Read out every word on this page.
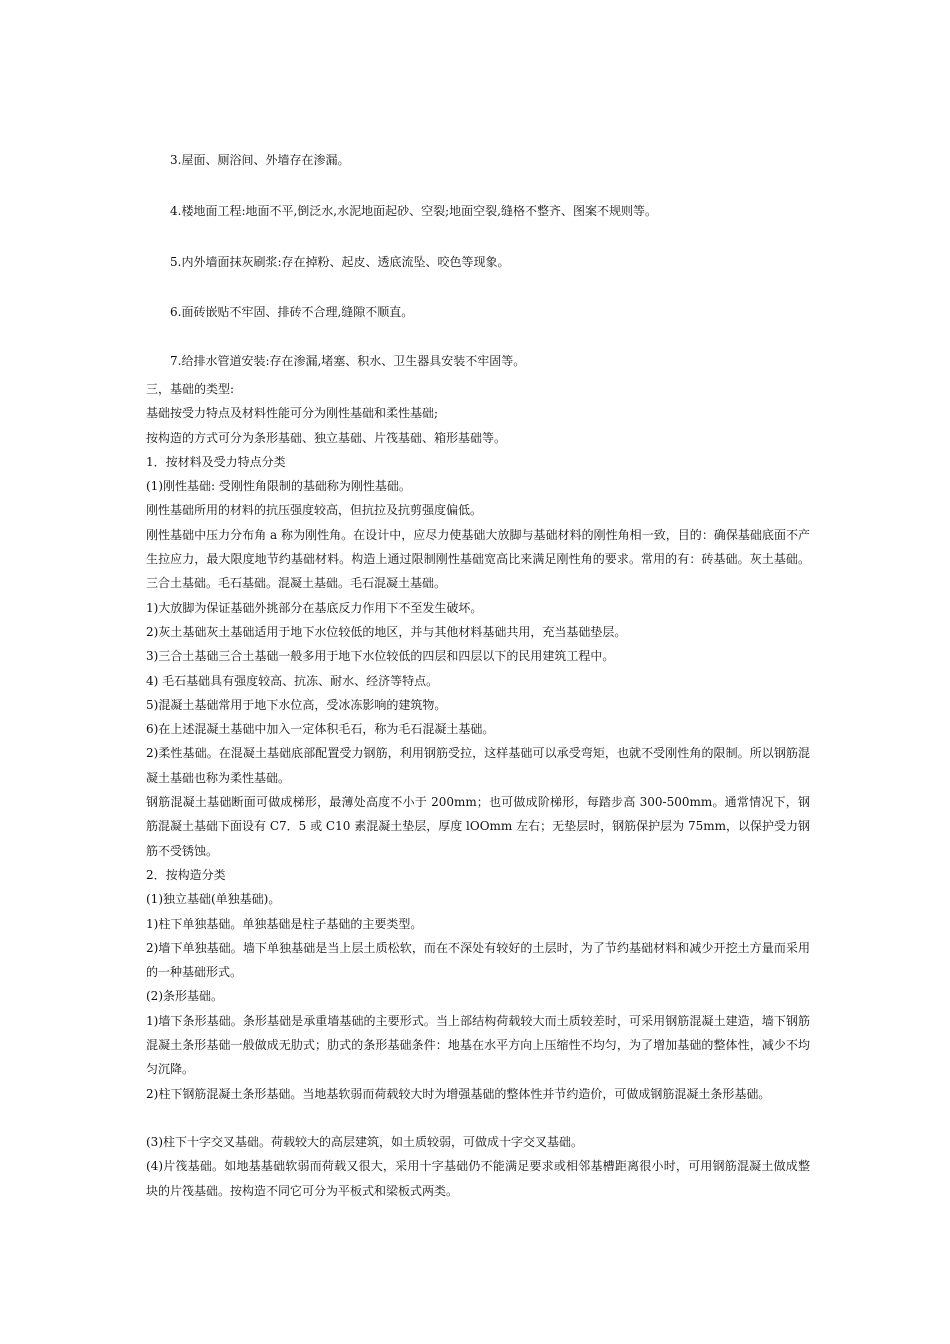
3.屋面、厕浴间、外墙存在渗漏。
4.楼地面工程:地面不平,倒泛水,水泥地面起砂、空裂;地面空裂,缝格不整齐、图案不规则等。
5.内外墙面抹灰刷浆:存在掉粉、起皮、透底流坠、咬色等现象。
6.面砖嵌贴不牢固、排砖不合理,缝隙不顺直。
7.给排水管道安装:存在渗漏,堵塞、积水、卫生器具安装不牢固等。

三，基础的类型:

基础按受力特点及材料性能可分为刚性基础和柔性基础;

按构造的方式可分为条形基础、独立基础、片筏基础、箱形基础等。

1．按材料及受力特点分类

(1)刚性基础: 受刚性角限制的基础称为刚性基础。

刚性基础所用的材料的抗压强度较高，但抗拉及抗剪强度偏低。

刚性基础中压力分布角 a 称为刚性角。在设计中，应尽力使基础大放脚与基础材料的刚性角相一致，目的：确保基础底面不产生拉应力，最大限度地节约基础材料。构造上通过限制刚性基础宽高比来满足刚性角的要求。常用的有：砖基础。灰土基础。三合土基础。毛石基础。混凝土基础。毛石混凝土基础。

1)大放脚为保证基础外挑部分在基底反力作用下不至发生破坏。

2)灰土基础灰土基础适用于地下水位较低的地区，并与其他材料基础共用，充当基础垫层。

3)三合土基础三合土基础一般多用于地下水位较低的四层和四层以下的民用建筑工程中。

4) 毛石基础具有强度较高、抗冻、耐水、经济等特点。

5)混凝土基础常用于地下水位高，受冰冻影响的建筑物。

6)在上述混凝土基础中加入一定体积毛石，称为毛石混凝土基础。

2)柔性基础。在混凝土基础底部配置受力钢筋，利用钢筋受拉，这样基础可以承受弯矩，也就不受刚性角的限制。所以钢筋混凝土基础也称为柔性基础。

钢筋混凝土基础断面可做成梯形，最薄处高度不小于 200mm；也可做成阶梯形，每踏步高 300-500mm。通常情况下，钢筋混凝土基础下面设有 C7．5 或 C10 素混凝土垫层，厚度 lOOmm 左右；无垫层时，钢筋保护层为 75mm，以保护受力钢筋不受锈蚀。

2．按构造分类

(1)独立基础(单独基础)。

1)柱下单独基础。单独基础是柱子基础的主要类型。

2)墙下单独基础。墙下单独基础是当上层土质松软，而在不深处有较好的土层时，为了节约基础材料和减少开挖土方量而采用的一种基础形式。

(2)条形基础。

1)墙下条形基础。条形基础是承重墙基础的主要形式。当上部结构荷载较大而土质较差时，可采用钢筋混凝土建造，墙下钢筋混凝土条形基础一般做成无肋式；肋式的条形基础条件：地基在水平方向上压缩性不均匀，为了增加基础的整体性，减少不均匀沉降。

2)柱下钢筋混凝土条形基础。当地基软弱而荷载较大时为增强基础的整体性并节约造价，可做成钢筋混凝土条形基础。

(3)柱下十字交叉基础。荷载较大的高层建筑，如土质较弱，可做成十字交叉基础。

(4)片筏基础。如地基基础软弱而荷载又很大，采用十字基础仍不能满足要求或相邻基槽距离很小时，可用钢筋混凝土做成整块的片筏基础。按构造不同它可分为平板式和梁板式两类。
